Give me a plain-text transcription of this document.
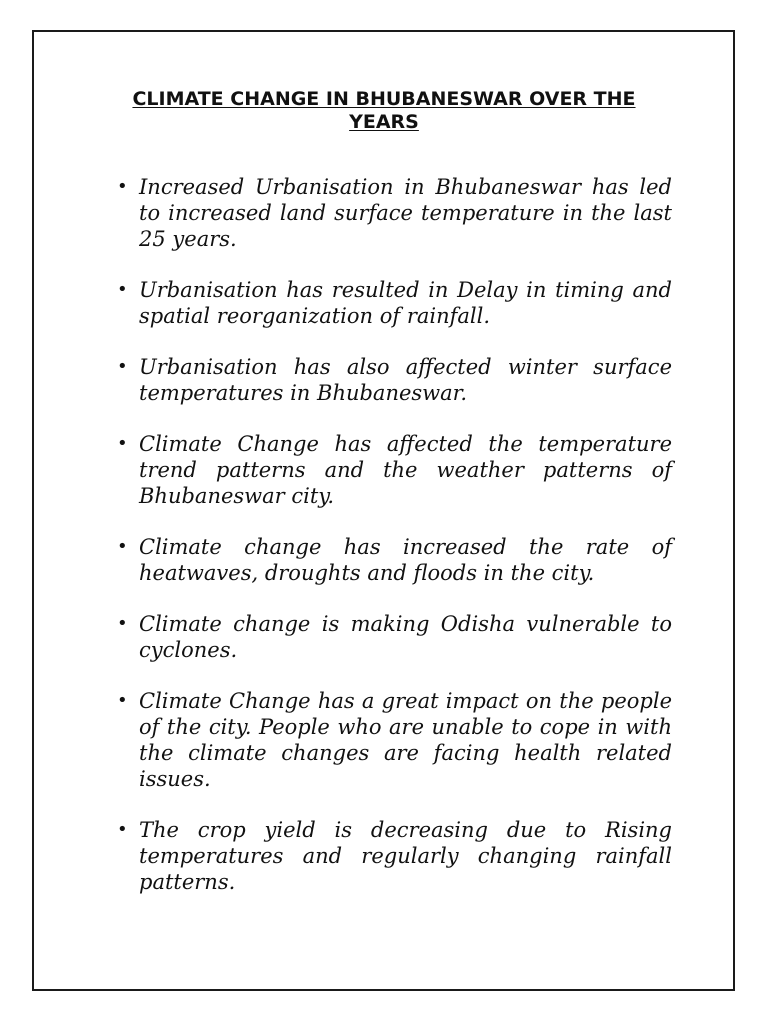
CLIMATE CHANGE IN BHUBANESWAR OVER THE YEARS
• Increased Urbanisation in Bhubaneswar has led to increased land surface temperature in the last 25 years.
• Urbanisation has resulted in Delay in timing and spatial reorganization of rainfall.
• Urbanisation has also affected winter surface temperatures in Bhubaneswar.
• Climate Change has affected the temperature trend patterns and the weather patterns of Bhubaneswar city.
• Climate change has increased the rate of heatwaves, droughts and floods in the city.
• Climate change is making Odisha vulnerable to cyclones.
• Climate Change has a great impact on the people of the city. People who are unable to cope in with the climate changes are facing health related issues.
• The crop yield is decreasing due to Rising temperatures and regularly changing rainfall patterns.
